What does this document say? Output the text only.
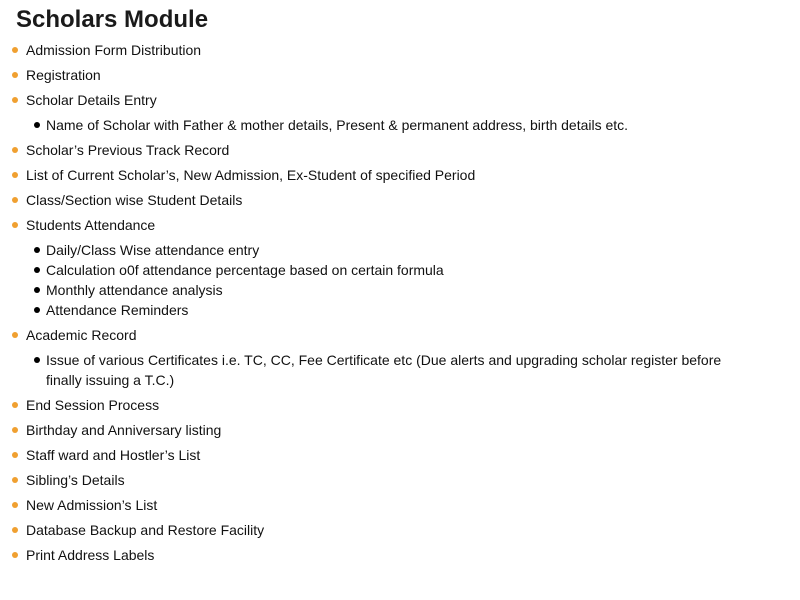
Scholars Module
Admission Form Distribution
Registration
Scholar Details Entry
Name of Scholar with Father & mother details, Present & permanent address, birth details etc.
Scholar’s Previous Track Record
List of Current Scholar’s, New Admission, Ex-Student of specified Period
Class/Section wise Student Details
Students Attendance
Daily/Class Wise attendance entry
Calculation o0f attendance percentage based on certain formula
Monthly attendance analysis
Attendance Reminders
Academic Record
Issue of various Certificates i.e. TC, CC, Fee Certificate etc (Due alerts and upgrading scholar register before finally issuing a T.C.)
End Session Process
Birthday and Anniversary listing
Staff ward and Hostler’s List
Sibling’s Details
New Admission’s List
Database Backup and Restore Facility
Print Address Labels
